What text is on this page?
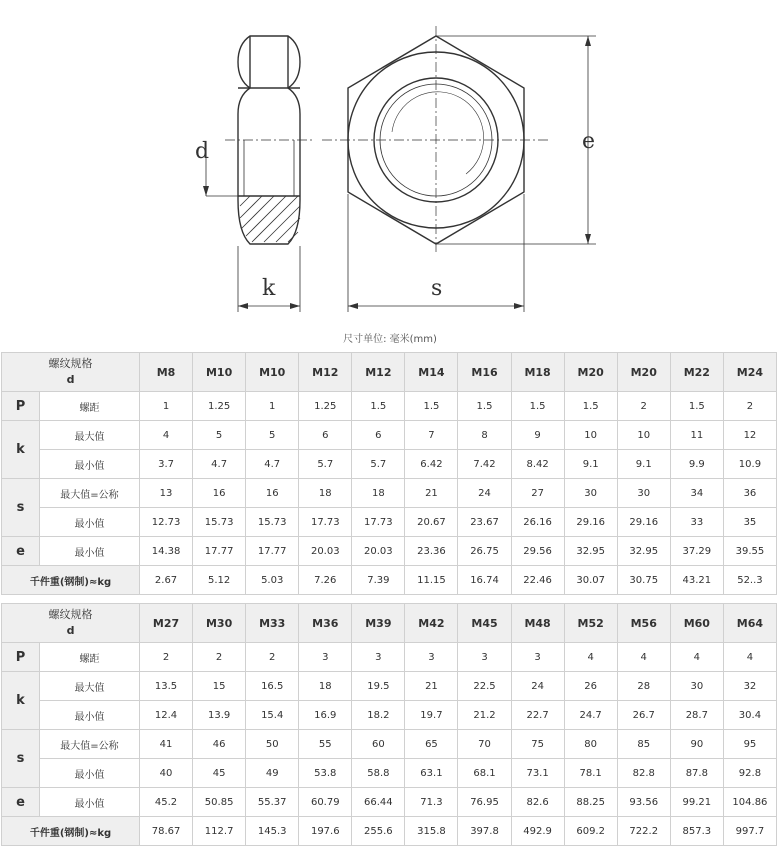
d
k	s
e
尺寸单位: 毫米(mm)
螺纹规格
d		M8	M10	M10	M12	M12	M14	M16	M18	M20	M20	M22	M24
P	螺距	1	1.25	1	1.25	1.5	1.5	1.5	1.5	1.5	2	1.5	2
k	最大值	4	5	5	6	6	7	8	9	10	10	11	12
	最小值	3.7	4.7	4.7	5.7	5.7	6.42	7.42	8.42	9.1	9.1	9.9	10.9
s	最大值=公称	13	16	16	18	18	21	24	27	30	30	34	36
	最小值	12.73	15.73	15.73	17.73	17.73	20.67	23.67	26.16	29.16	29.16	33	35
e	最小值	14.38	17.77	17.77	20.03	20.03	23.36	26.75	29.56	32.95	32.95	37.29	39.55
千件重(钢制)≈kg		2.67	5.12	5.03	7.26	7.39	11.15	16.74	22.46	30.07	30.75	43.21	52..3
螺纹规格
d		M27	M30	M33	M36	M39	M42	M45	M48	M52	M56	M60	M64
P	螺距	2	2	2	3	3	3	3	3	4	4	4	4
k	最大值	13.5	15	16.5	18	19.5	21	22.5	24	26	28	30	32
	最小值	12.4	13.9	15.4	16.9	18.2	19.7	21.2	22.7	24.7	26.7	28.7	30.4
s	最大值=公称	41	46	50	55	60	65	70	75	80	85	90	95
	最小值	40	45	49	53.8	58.8	63.1	68.1	73.1	78.1	82.8	87.8	92.8
e	最小值	45.2	50.85	55.37	60.79	66.44	71.3	76.95	82.6	88.25	93.56	99.21	104.86
千件重(钢制)≈kg		78.67	112.7	145.3	197.6	255.6	315.8	397.8	492.9	609.2	722.2	857.3	997.7
